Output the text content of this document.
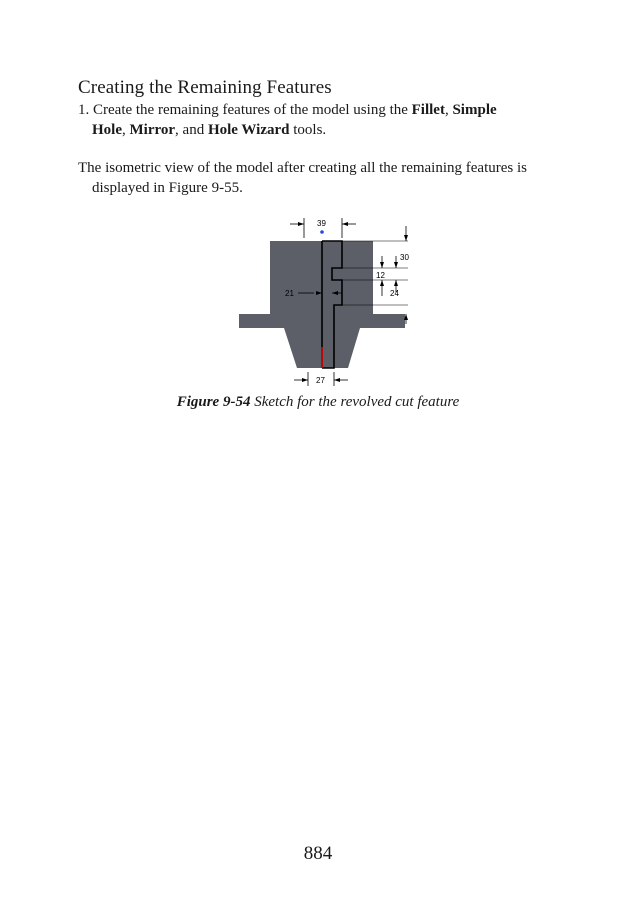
Creating the Remaining Features
1. Create the remaining features of the model using the Fillet, Simple
Hole, Mirror, and Hole Wizard tools.
The isometric view of the model after creating all the remaining features is
displayed in Figure 9-55.
39
30
12
24
21
27
Figure 9-54 Sketch for the revolved cut feature
884
